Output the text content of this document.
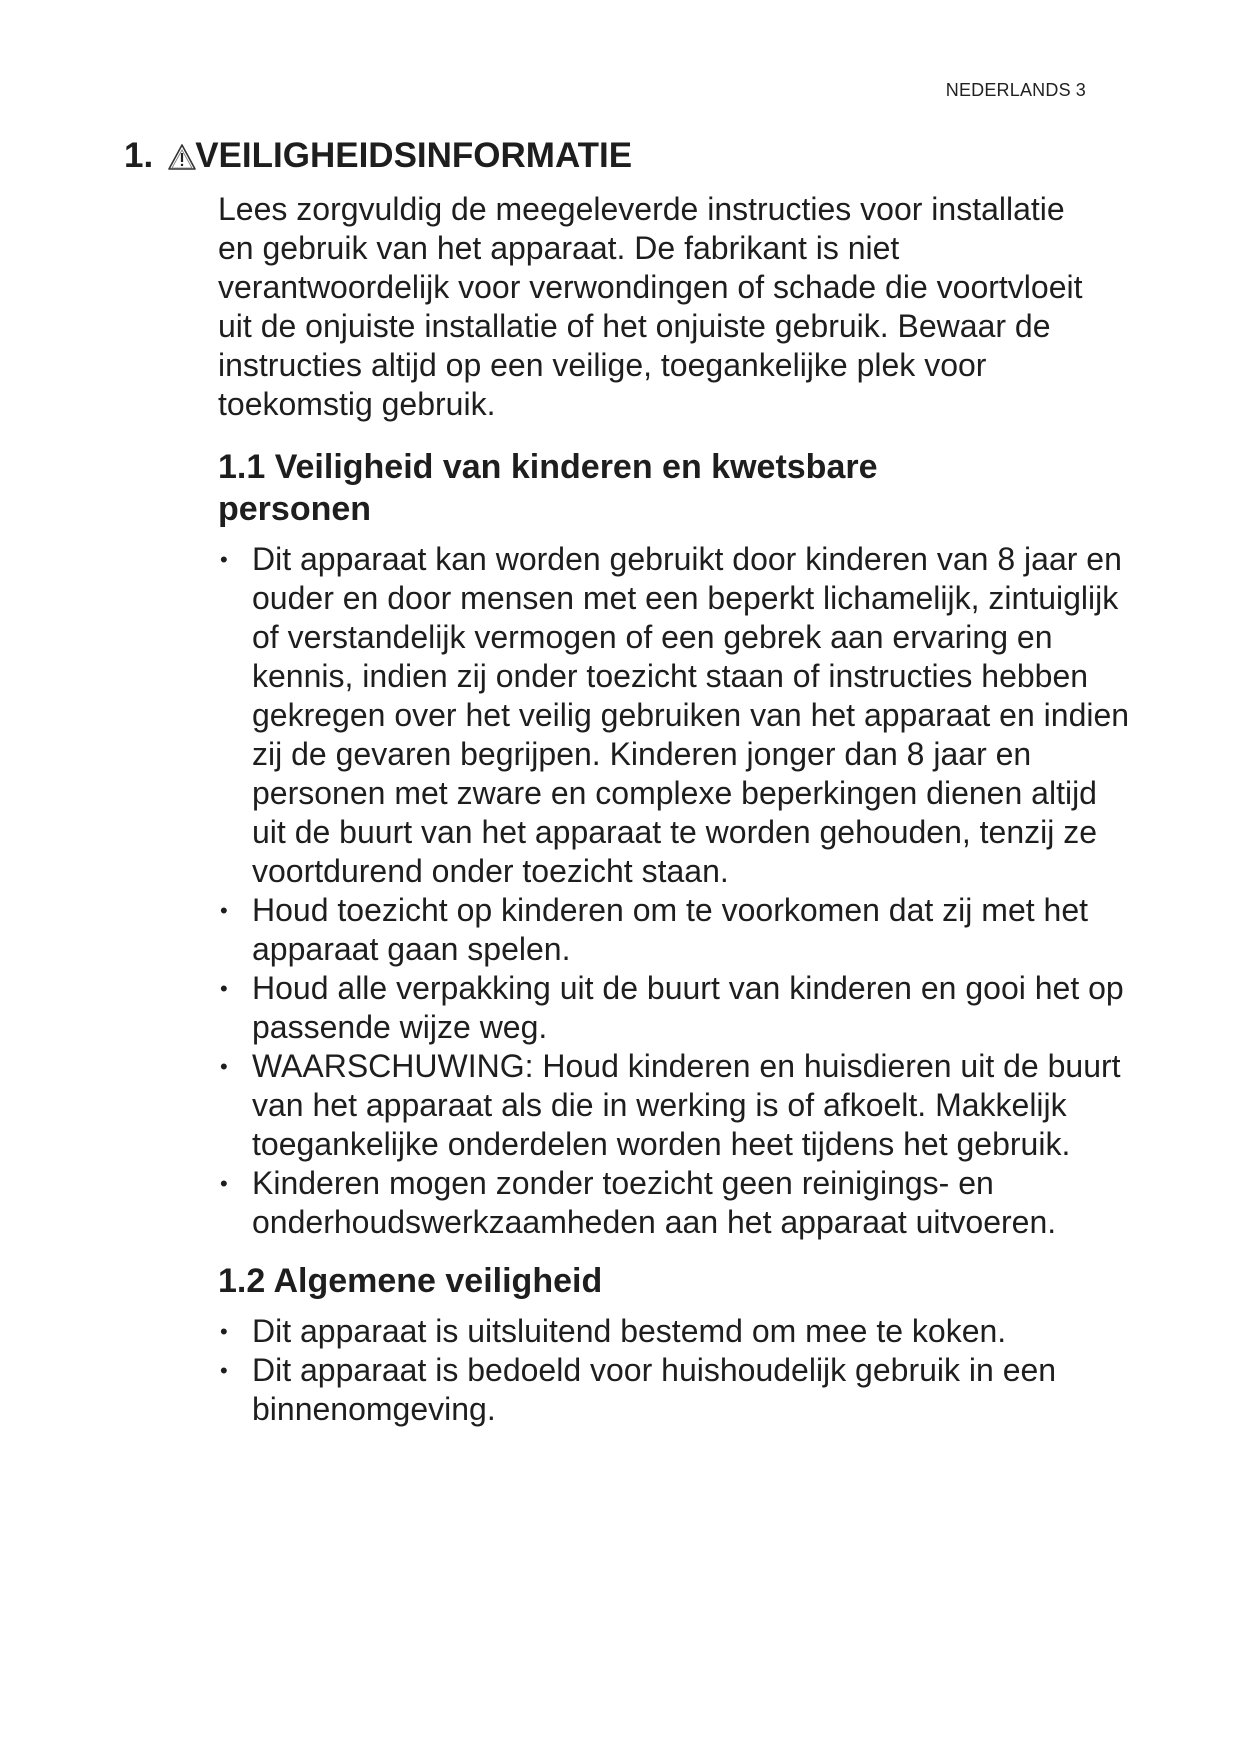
NEDERLANDS 3
1. VEILIGHEIDSINFORMATIE

Lees zorgvuldig de meegeleverde instructies voor installatie en gebruik van het apparaat. De fabrikant is niet verantwoordelijk voor verwondingen of schade die voortvloeit uit de onjuiste installatie of het onjuiste gebruik. Bewaar de instructies altijd op een veilige, toegankelijke plek voor toekomstig gebruik.

1.1 Veiligheid van kinderen en kwetsbare personen
• Dit apparaat kan worden gebruikt door kinderen van 8 jaar en ouder en door mensen met een beperkt lichamelijk, zintuiglijk of verstandelijk vermogen of een gebrek aan ervaring en kennis, indien zij onder toezicht staan of instructies hebben gekregen over het veilig gebruiken van het apparaat en indien zij de gevaren begrijpen. Kinderen jonger dan 8 jaar en personen met zware en complexe beperkingen dienen altijd uit de buurt van het apparaat te worden gehouden, tenzij ze voortdurend onder toezicht staan.
• Houd toezicht op kinderen om te voorkomen dat zij met het apparaat gaan spelen.
• Houd alle verpakking uit de buurt van kinderen en gooi het op passende wijze weg.
• WAARSCHUWING: Houd kinderen en huisdieren uit de buurt van het apparaat als die in werking is of afkoelt. Makkelijk toegankelijke onderdelen worden heet tijdens het gebruik.
• Kinderen mogen zonder toezicht geen reinigings- en onderhoudswerkzaamheden aan het apparaat uitvoeren.
1.2 Algemene veiligheid
• Dit apparaat is uitsluitend bestemd om mee te koken.
• Dit apparaat is bedoeld voor huishoudelijk gebruik in een binnenomgeving.
